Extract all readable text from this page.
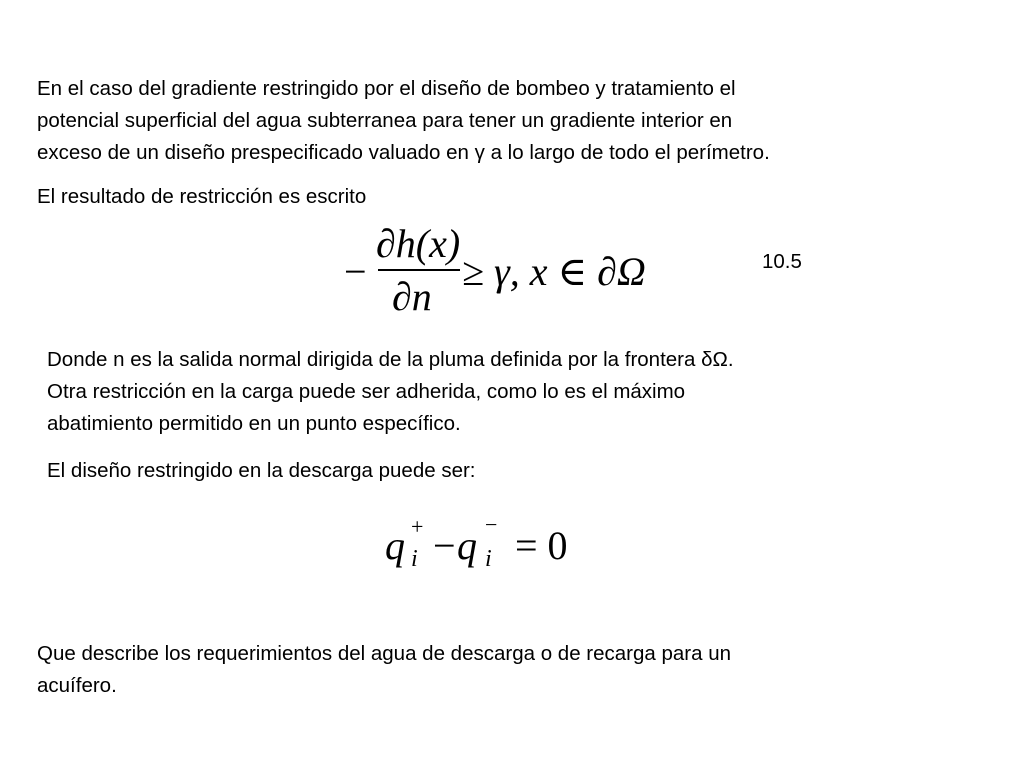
En el caso del gradiente restringido por el diseño de bombeo y tratamiento el
potencial superficial del agua subterranea para tener un gradiente interior en
exceso de un diseño prespecificado valuado en γ a lo largo de todo el perímetro.

El resultado de restricción es escrito

−
∂h(x)
∂n
≥ γ, x ∈ ∂Ω	10.5

Donde n es la salida normal dirigida de la pluma definida por la frontera δΩ.
Otra restricción en la carga puede ser adherida, como lo es el máximo
abatimiento permitido en un punto específico.

El diseño restringido en la descarga puede ser:

q +
i − q −
i = 0

Que describe los requerimientos del agua de descarga o de recarga para un
acuífero.
